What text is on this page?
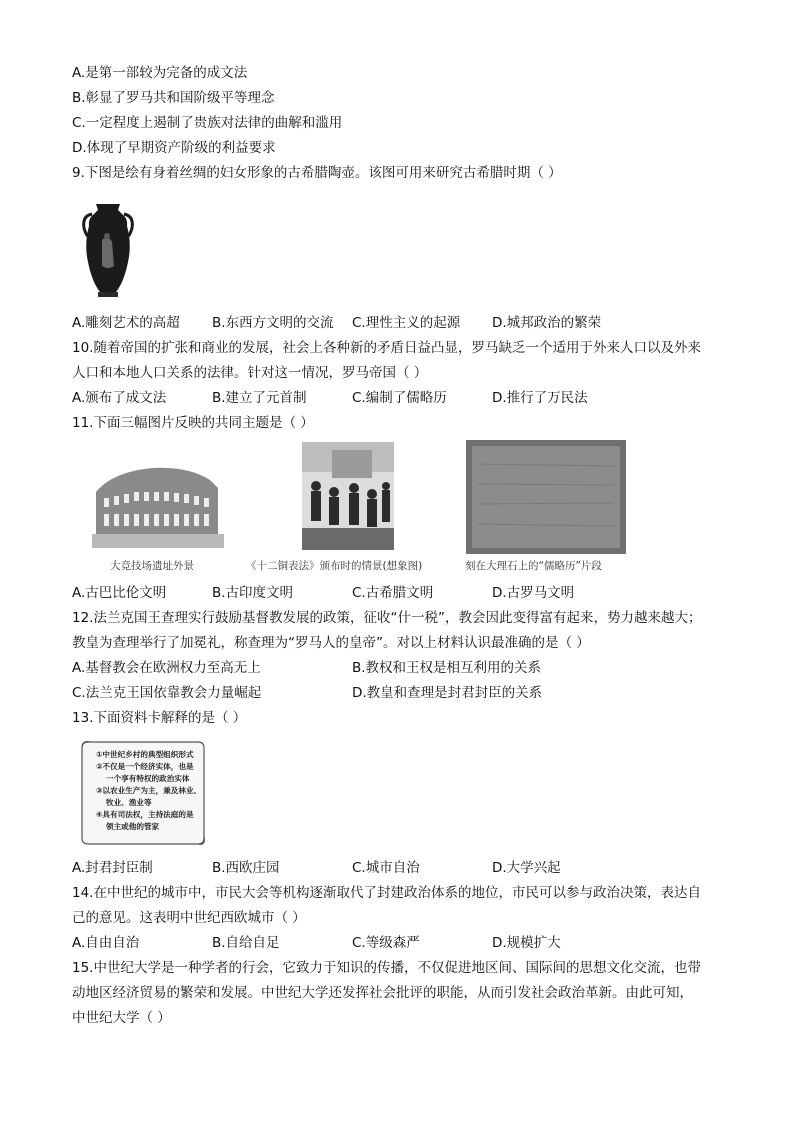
A.是第一部较为完备的成文法
B.彰显了罗马共和国阶级平等理念
C.一定程度上遏制了贵族对法律的曲解和滥用
D.体现了早期资产阶级的利益要求
9.下图是绘有身着丝绸的妇女形象的古希腊陶壶。该图可用来研究古希腊时期（ ）
A.雕刻艺术的高超 B.东西方文明的交流 C.理性主义的起源 D.城邦政治的繁荣
10.随着帝国的扩张和商业的发展，社会上各种新的矛盾日益凸显，罗马缺乏一个适用于外来人口以及外来
人口和本地人口关系的法律。针对这一情况，罗马帝国（ ）
A.颁布了成文法	B.建立了元首制	C.编制了儒略历	D.推行了万民法
11.下面三幅图片反映的共同主题是（ ）
大竞技场遗址外景	《十二铜表法》颁布时的情景(想象图)	刻在大理石上的“儒略历”片段
A.古巴比伦文明	B.古印度文明	C.古希腊文明	D.古罗马文明
12.法兰克国王查理实行鼓励基督教发展的政策，征收“什一税”，教会因此变得富有起来，势力越来越大；
教皇为查理举行了加冕礼，称查理为“罗马人的皇帝”。对以上材料认识最准确的是（ ）
A.基督教会在欧洲权力至高无上	B.教权和王权是相互利用的关系
C.法兰克王国依靠教会力量崛起	D.教皇和查理是封君封臣的关系
13.下面资料卡解释的是（ ）
①中世纪乡村的典型组织形式
②不仅是一个经济实体，也是
一个享有特权的政治实体
③以农业生产为主，兼及林业、
牧业、渔业等
④具有司法权，主持法庭的是
领主或他的管家
A.封君封臣制	B.西欧庄园	C.城市自治	D.大学兴起
14.在中世纪的城市中，市民大会等机构逐渐取代了封建政治体系的地位，市民可以参与政治决策，表达自
己的意见。这表明中世纪西欧城市（ ）
A.自由自治	B.自给自足	C.等级森严	D.规模扩大
15.中世纪大学是一种学者的行会，它致力于知识的传播，不仅促进地区间、国际间的思想文化交流，也带
动地区经济贸易的繁荣和发展。中世纪大学还发挥社会批评的职能，从而引发社会政治革新。由此可知，
中世纪大学（ ）
